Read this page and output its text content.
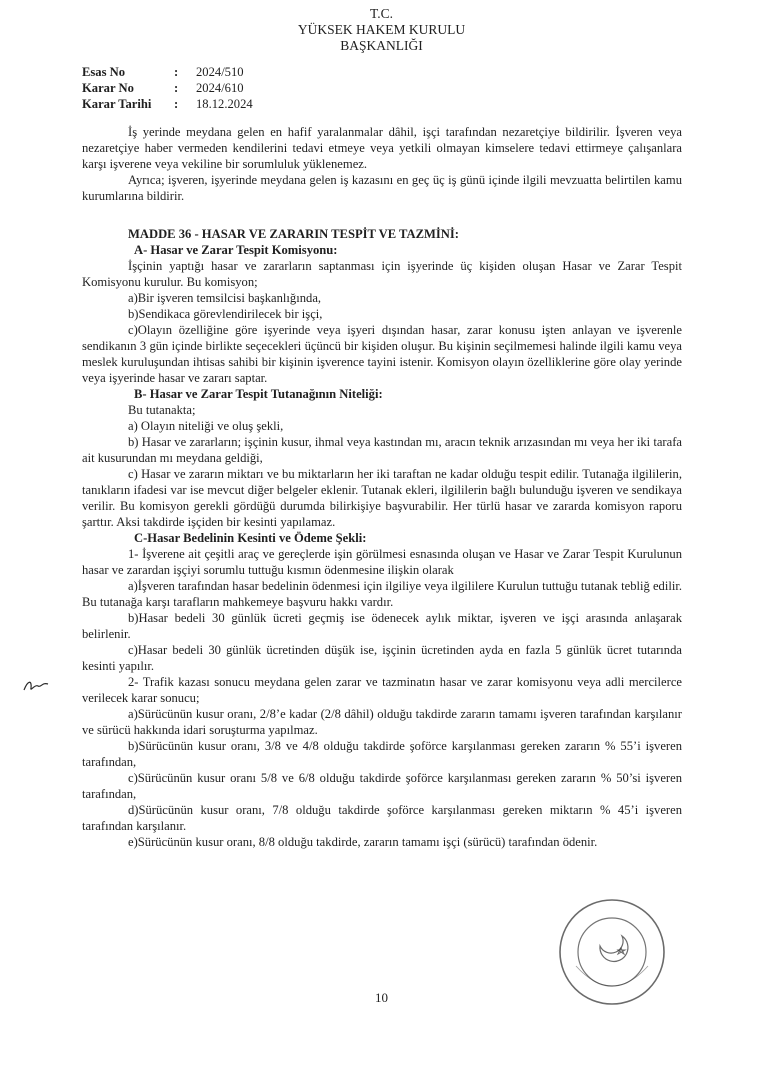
T.C.
YÜKSEK HAKEM KURULU
BAŞKANLIĞI
Esas No	:	2024/510
Karar No	:	2024/610
Karar Tarihi	:	18.12.2024

İş yerinde meydana gelen en hafif yaralanmalar dâhil, işçi tarafından nezaretçiye bildirilir. İşveren veya nezaretçiye haber vermeden kendilerini tedavi etmeye veya yetkili olmayan kimselere tedavi ettirmeye çalışanlara karşı işverene veya vekiline bir sorumluluk yüklenemez.

Ayrıca; işveren, işyerinde meydana gelen iş kazasını en geç üç iş günü içinde ilgili mevzuatta belirtilen kamu kurumlarına bildirir.

MADDE 36 - HASAR VE ZARARIN TESPİT VE TAZMİNİ:

A- Hasar ve Zarar Tespit Komisyonu:

İşçinin yaptığı hasar ve zararların saptanması için işyerinde üç kişiden oluşan Hasar ve Zarar Tespit Komisyonu kurulur. Bu komisyon;

a)Bir işveren temsilcisi başkanlığında,

b)Sendikaca görevlendirilecek bir işçi,

c)Olayın özelliğine göre işyerinde veya işyeri dışından hasar, zarar konusu işten anlayan ve işverenle sendikanın 3 gün içinde birlikte seçecekleri üçüncü bir kişiden oluşur. Bu kişinin seçilmemesi halinde ilgili kamu veya meslek kuruluşundan ihtisas sahibi bir kişinin işverence tayini istenir. Komisyon olayın özelliklerine göre olay yerinde veya işyerinde hasar ve zararı saptar.

B- Hasar ve Zarar Tespit Tutanağının Niteliği:

Bu tutanakta;

a) Olayın niteliği ve oluş şekli,

b) Hasar ve zararların; işçinin kusur, ihmal veya kastından mı, aracın teknik arızasından mı veya her iki tarafa ait kusurundan mı meydana geldiği,

c) Hasar ve zararın miktarı ve bu miktarların her iki taraftan ne kadar olduğu tespit edilir. Tutanağa ilgililerin, tanıkların ifadesi var ise mevcut diğer belgeler eklenir. Tutanak ekleri, ilgililerin bağlı bulunduğu işveren ve sendikaya verilir. Bu komisyon gerekli gördüğü durumda bilirkişiye başvurabilir. Her türlü hasar ve zararda komisyon raporu şarttır. Aksi takdirde işçiden bir kesinti yapılamaz.

C-Hasar Bedelinin Kesinti ve Ödeme Şekli:

1- İşverene ait çeşitli araç ve gereçlerde işin görülmesi esnasında oluşan ve Hasar ve Zarar Tespit Kurulunun hasar ve zarardan işçiyi sorumlu tuttuğu kısmın ödenmesine ilişkin olarak

a)İşveren tarafından hasar bedelinin ödenmesi için ilgiliye veya ilgililere Kurulun tuttuğu tutanak tebliğ edilir. Bu tutanağa karşı tarafların mahkemeye başvuru hakkı vardır.

b)Hasar bedeli 30 günlük ücreti geçmiş ise ödenecek aylık miktar, işveren ve işçi arasında anlaşarak belirlenir.

c)Hasar bedeli 30 günlük ücretinden düşük ise, işçinin ücretinden ayda en fazla 5 günlük ücret tutarında kesinti yapılır.

2- Trafik kazası sonucu meydana gelen zarar ve tazminatın hasar ve zarar komisyonu veya adli mercilerce verilecek karar sonucu;

a)Sürücünün kusur oranı, 2/8’e kadar (2/8 dâhil) olduğu takdirde zararın tamamı işveren tarafından karşılanır ve sürücü hakkında idari soruşturma yapılmaz.

b)Sürücünün kusur oranı, 3/8 ve 4/8 olduğu takdirde şoförce karşılanması gereken zararın % 55’i işveren tarafından,

c)Sürücünün kusur oranı 5/8 ve 6/8 olduğu takdirde şoförce karşılanması gereken zararın % 50’si işveren tarafından,

d)Sürücünün kusur oranı, 7/8 olduğu takdirde şoförce karşılanması gereken miktarın % 45’i işveren tarafından karşılanır.

e)Sürücünün kusur oranı, 8/8 olduğu takdirde, zararın tamamı işçi (sürücü) tarafından ödenir.

10
